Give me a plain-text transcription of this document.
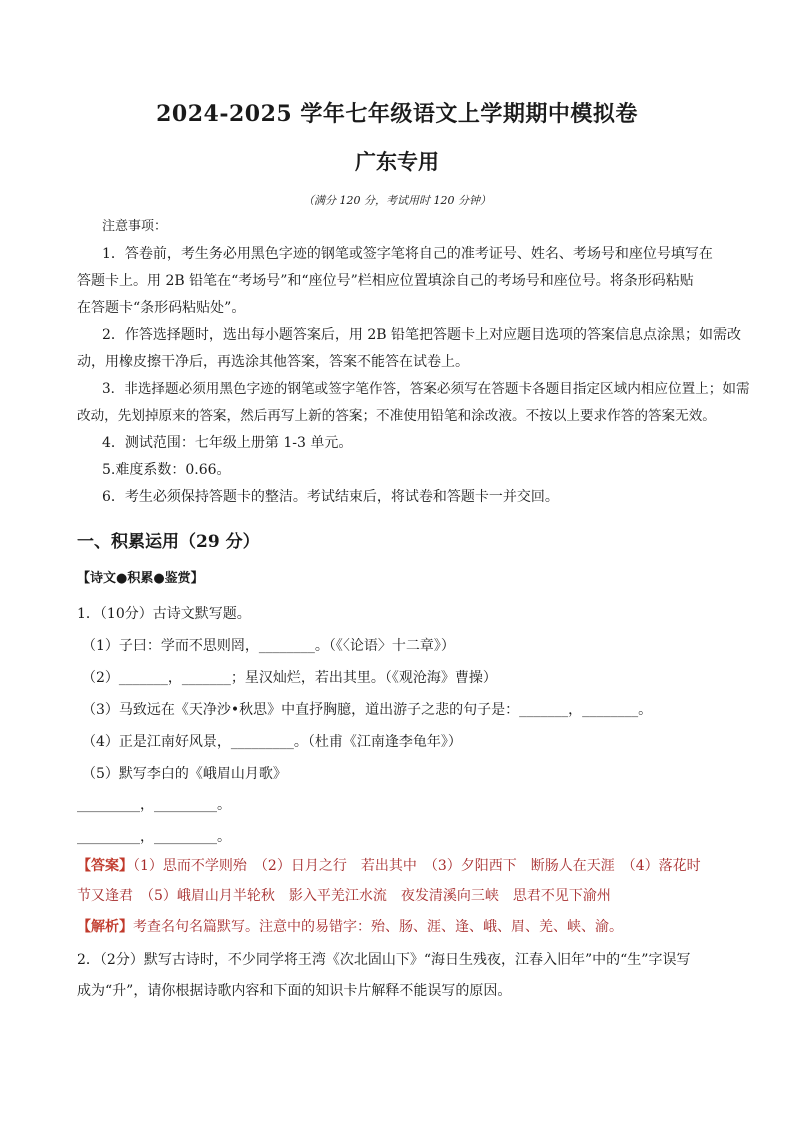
2024-2025 学年七年级语文上学期期中模拟卷
广东专用
（满分 120 分，考试用时 120 分钟）
注意事项：
1．答卷前，考生务必用黑色字迹的钢笔或签字笔将自己的准考证号、姓名、考场号和座位号填写在
答题卡上。用 2B 铅笔在“考场号”和“座位号”栏相应位置填涂自己的考场号和座位号。将条形码粘贴
在答题卡“条形码粘贴处”。
2．作答选择题时，选出每小题答案后，用 2B 铅笔把答题卡上对应题目选项的答案信息点涂黑；如需改
动，用橡皮擦干净后，再选涂其他答案，答案不能答在试卷上。
3．非选择题必须用黑色字迹的钢笔或签字笔作答，答案必须写在答题卡各题目指定区域内相应位置上；如需
改动，先划掉原来的答案，然后再写上新的答案；不准使用铅笔和涂改液。不按以上要求作答的答案无效。
4．测试范围：七年级上册第 1-3 单元。
5.难度系数：0.66。
6．考生必须保持答题卡的整洁。考试结束后，将试卷和答题卡一并交回。
一、积累运用（29 分）
【诗文●积累●鉴赏】
1．（10分）古诗文默写题。
（1）子曰：学而不思则罔，________。（《〈论语〉十二章》）
（2）_______，_______；星汉灿烂，若出其里。（《观沧海》曹操）
（3）马致远在《天净沙•秋思》中直抒胸臆，道出游子之悲的句子是：_______，________。
（4）正是江南好风景，_________。（杜甫《江南逢李龟年》）
（5）默写李白的《峨眉山月歌》
_________，_________。
_________，_________。
【答案】（1）思而不学则殆　（2）日月之行　若出其中　（3）夕阳西下　断肠人在天涯　（4）落花时
节又逢君　（5）峨眉山月半轮秋　影入平羌江水流　夜发清溪向三峡　思君不见下渝州
【解析】考查名句名篇默写。注意中的易错字：殆、肠、涯、逢、峨、眉、羌、峡、渝。
2．（2分）默写古诗时，不少同学将王湾《次北固山下》“海日生残夜，江春入旧年”中的“生”字误写
成为“升”，请你根据诗歌内容和下面的知识卡片解释不能误写的原因。
